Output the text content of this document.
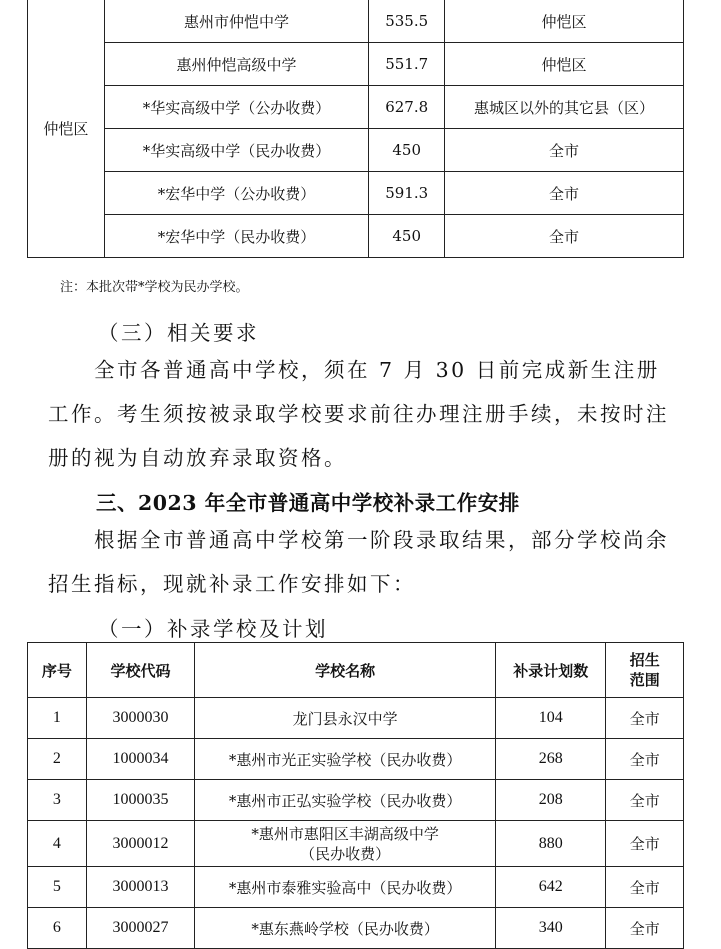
仲恺区	惠州市仲恺中学	535.5	仲恺区
	惠州仲恺高级中学	551.7	仲恺区
	*华实高级中学（公办收费）	627.8	惠城区以外的其它县（区）
	*华实高级中学（民办收费）	450	全市
	*宏华中学（公办收费）	591.3	全市
	*宏华中学（民办收费）	450	全市
注：本批次带*学校为民办学校。
（三）相关要求
全市各普通高中学校，须在 7 月 30 日前完成新生注册工作。考生须按被录取学校要求前往办理注册手续，未按时注册的视为自动放弃录取资格。
三、2023 年全市普通高中学校补录工作安排
根据全市普通高中学校第一阶段录取结果，部分学校尚余招生指标，现就补录工作安排如下：
（一）补录学校及计划
序号	学校代码	学校名称	补录计划数	招生
范围

1	3000030	龙门县永汉中学	104	全市
2	1000034	*惠州市光正实验学校（民办收费）	268	全市
3	1000035	*惠州市正弘实验学校（民办收费）	208	全市
4	3000012	*惠州市惠阳区丰湖高级中学
（民办收费）	880	全市
5	3000013	*惠州市泰雅实验高中（民办收费）	642	全市
6	3000027	*惠东燕岭学校（民办收费）	340	全市
